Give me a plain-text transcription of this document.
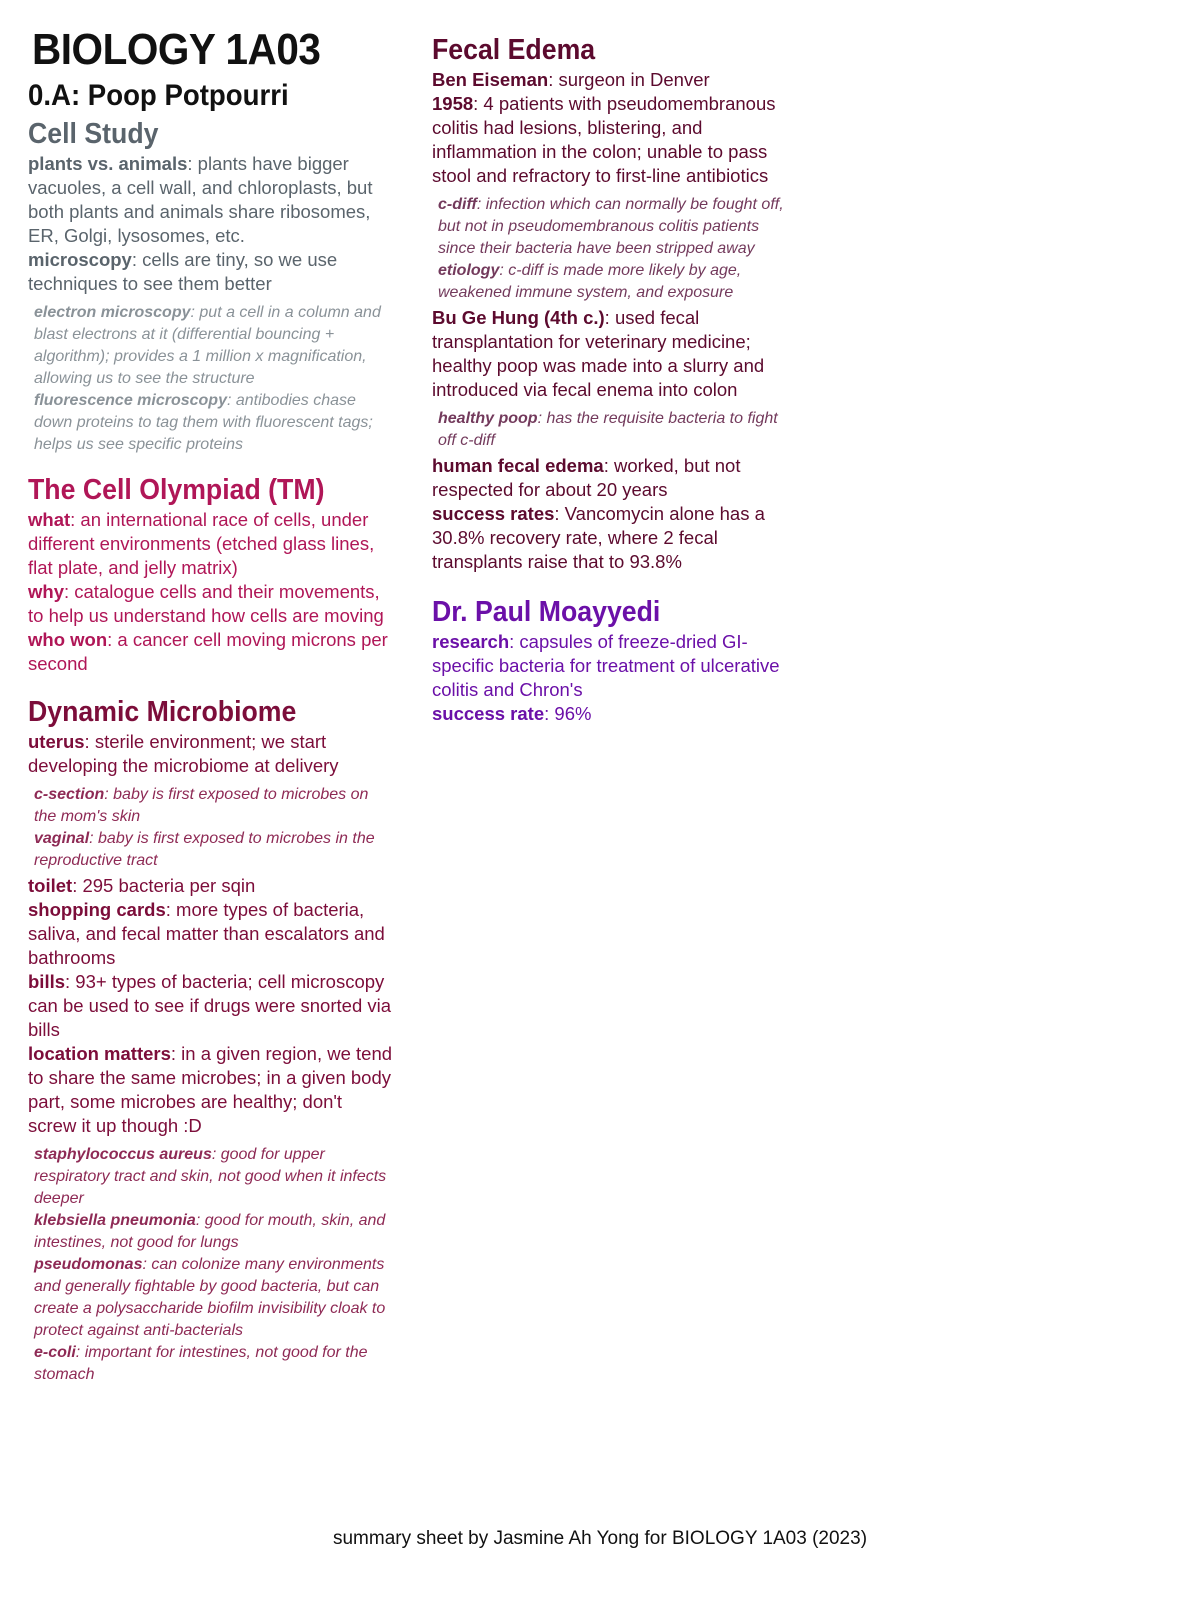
BIOLOGY 1A03
0.A: Poop Potpourri
Cell Study

plants vs. animals: plants have bigger vacuoles, a cell wall, and chloroplasts, but both plants and animals share ribosomes, ER, Golgi, lysosomes, etc.

microscopy: cells are tiny, so we use techniques to see them better

electron microscopy: put a cell in a column and blast electrons at it (differential bouncing + algorithm); provides a 1 million x magnification, allowing us to see the structure

fluorescence microscopy: antibodies chase down proteins to tag them with fluorescent tags; helps us see specific proteins

The Cell Olympiad (TM)

what: an international race of cells, under different environments (etched glass lines, flat plate, and jelly matrix)

why: catalogue cells and their movements, to help us understand how cells are moving

who won: a cancer cell moving microns per second

Dynamic Microbiome

uterus: sterile environment; we start developing the microbiome at delivery

c-section: baby is first exposed to microbes on the mom's skin

vaginal: baby is first exposed to microbes in the reproductive tract

toilet: 295 bacteria per sqin

shopping cards: more types of bacteria, saliva, and fecal matter than escalators and bathrooms

bills: 93+ types of bacteria; cell microscopy can be used to see if drugs were snorted via bills

location matters: in a given region, we tend to share the same microbes; in a given body part, some microbes are healthy; don't screw it up though :D

staphylococcus aureus: good for upper respiratory tract and skin, not good when it infects deeper

klebsiella pneumonia: good for mouth, skin, and intestines, not good for lungs

pseudomonas: can colonize many environments and generally fightable by good bacteria, but can create a polysaccharide biofilm invisibility cloak to protect against anti-bacterials

e-coli: important for intestines, not good for the stomach

Fecal Edema

Ben Eiseman: surgeon in Denver

1958: 4 patients with pseudomembranous colitis had lesions, blistering, and inflammation in the colon; unable to pass stool and refractory to first-line antibiotics

c-diff: infection which can normally be fought off, but not in pseudomembranous colitis patients since their bacteria have been stripped away

etiology: c-diff is made more likely by age, weakened immune system, and exposure

Bu Ge Hung (4th c.): used fecal transplantation for veterinary medicine; healthy poop was made into a slurry and introduced via fecal enema into colon

healthy poop: has the requisite bacteria to fight off c-diff

human fecal edema: worked, but not respected for about 20 years

success rates: Vancomycin alone has a 30.8% recovery rate, where 2 fecal transplants raise that to 93.8%

Dr. Paul Moayyedi

research: capsules of freeze-dried GI-specific bacteria for treatment of ulcerative colitis and Chron's

success rate: 96%

summary sheet by Jasmine Ah Yong for BIOLOGY 1A03 (2023)
